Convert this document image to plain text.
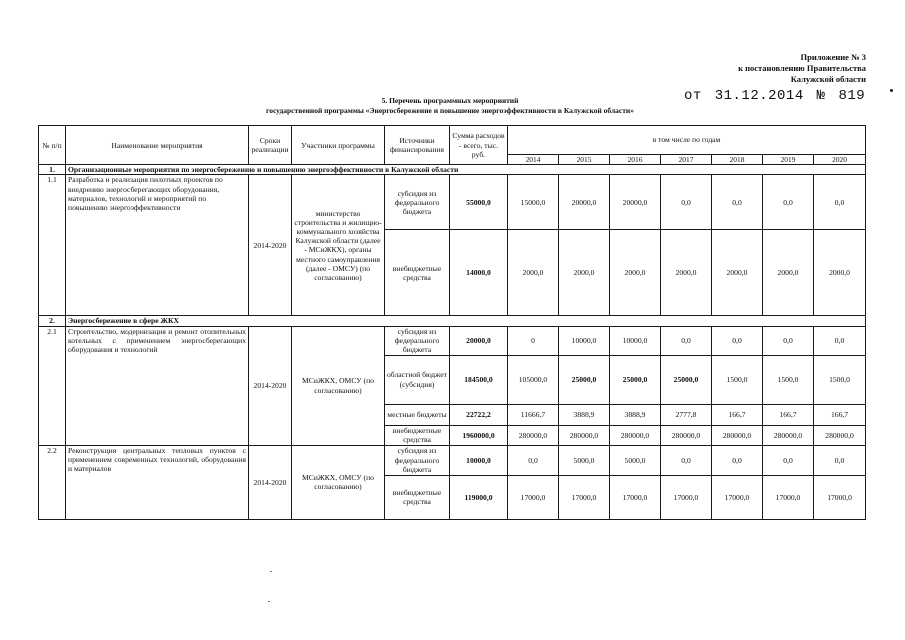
Приложение № 3
к постановлению Правительства
Калужской области
от 31.12.2014 № 819
5. Перечень программных мероприятий
государственной программы «Энергосбережение и повышение энергоэффективности в Калужской области»
№ п/п	Наименование мероприятия	Сроки реализации	Участники программы	Источники финансирования	Сумма расходов - всего, тыс. руб.	в том числе по годам						
						2014	2015	2016	2017	2018	2019	2020
1.	Организационные мероприятия по энергосбережению и повышению энергоэффективности в Калужской области											
1.1	Разработка и реализация пилотных проектов по внедрению энергосберегающих оборудования, материалов, технологий и мероприятий по повышению энергоэффективности	2014-2020	министерство строительства и жилищно-коммунального хозяйства Калужской области (далее - МСиЖКХ), органы местного самоуправления (далее - ОМСУ) (по согласованию)	субсидия из федерального бюджета	55000,0	15000,0	20000,0	20000,0	0,0	0,0	0,0	0,0
				внебюджетные средства	14000,0	2000,0	2000,0	2000,0	2000,0	2000,0	2000,0	2000,0
2.	Энергосбережение в сфере ЖКХ											
2.1	Строительство, модернизация и ремонт отопительных котельных с применением энергосберегающих оборудования и технологий	2014-2020	МСиЖКХ, ОМСУ (по согласованию)	субсидия из федерального бюджета	20000,0	0	10000,0	10000,0	0,0	0,0	0,0	0,0
				областной бюджет (субсидия)	184500,0	105000,0	25000,0	25000,0	25000,0	1500,0	1500,0	1500,0
				местные бюджеты	22722,2	11666,7	3888,9	3888,9	2777,8	166,7	166,7	166,7
				внебюджетные средства	1960000,0	280000,0	280000,0	280000,0	280000,0	280000,0	280000,0	280000,0
2.2	Реконструкция центральных тепловых пунктов с применением современных технологий, оборудования и материалов	2014-2020	МСиЖКХ, ОМСУ (по согласованию)	субсидия из федерального бюджета	10000,0	0,0	5000,0	5000,0	0,0	0,0	0,0	0,0
				внебюджетные средства	119000,0	17000,0	17000,0	17000,0	17000,0	17000,0	17000,0	17000,0
